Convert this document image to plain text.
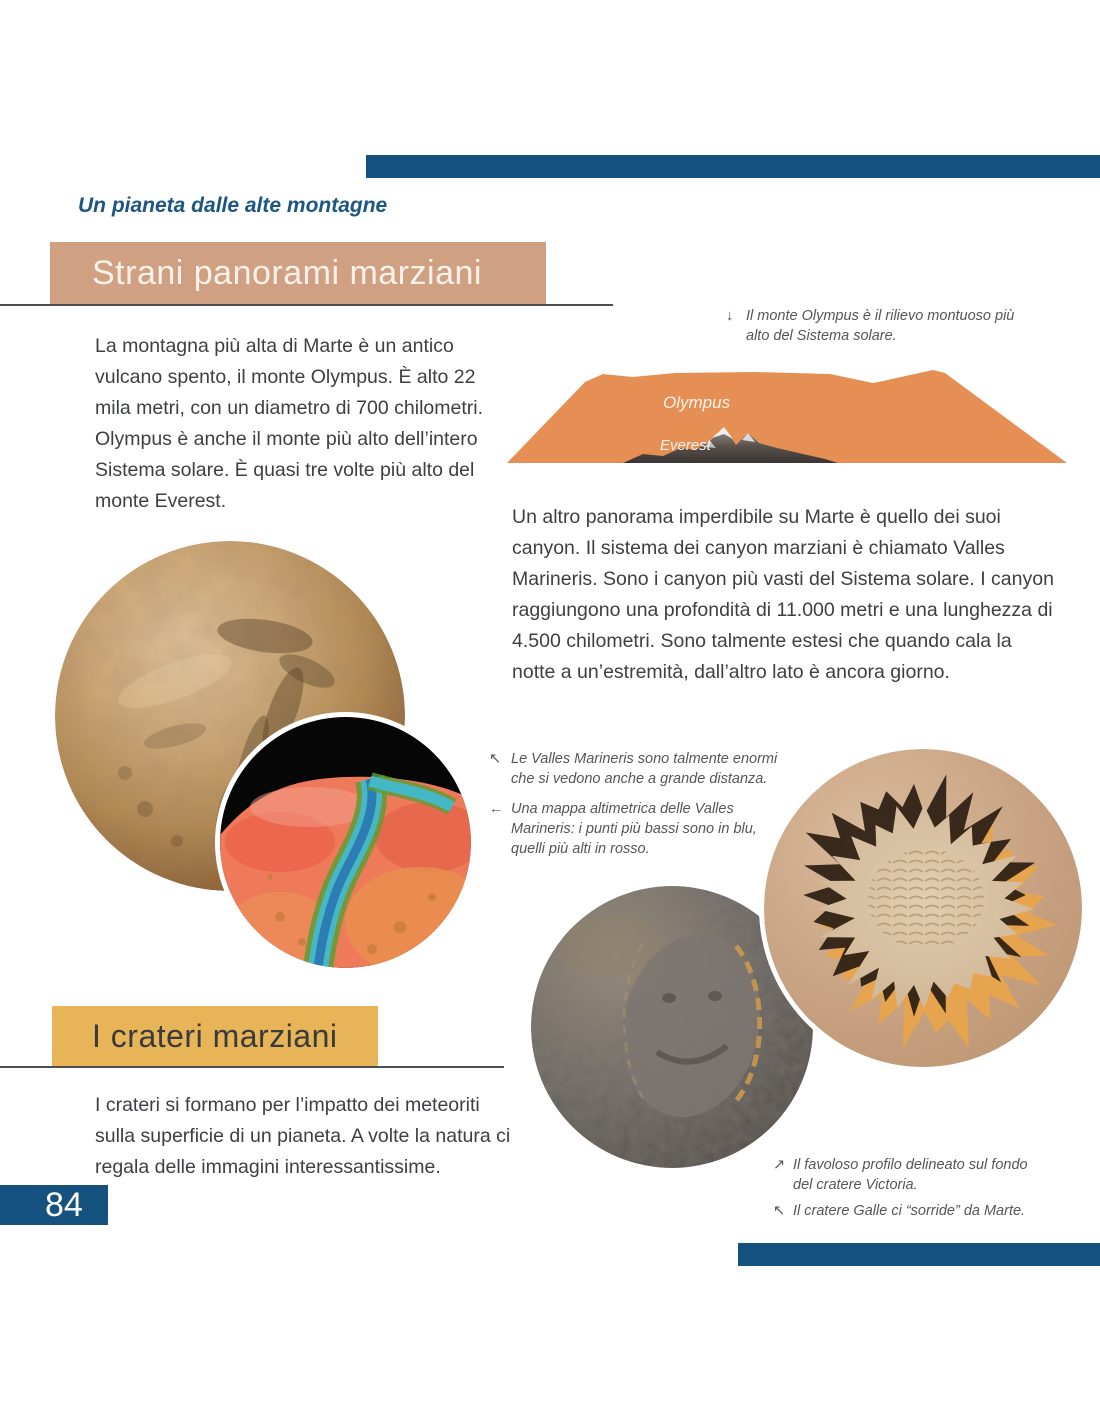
Un pianeta dalle alte montagne
Strani panorami marziani
↓ Il monte Olympus è il rilievo montuoso più alto del Sistema solare.
La montagna più alta di Marte è un antico vulcano spento, il monte Olympus. È alto 22 mila metri, con un diametro di 700 chilometri. Olympus è anche il monte più alto dell’intero Sistema solare. È quasi tre volte più alto del monte Everest.
Olympus
Everest
Un altro panorama imperdibile su Marte è quello dei suoi canyon. Il sistema dei canyon marziani è chiamato Valles Marineris. Sono i canyon più vasti del Sistema solare. I canyon raggiungono una profondità di 11.000 metri e una lunghezza di 4.500 chilometri. Sono talmente estesi che quando cala la notte a un’estremità, dall’altro lato è ancora giorno.
↖ Le Valles Marineris sono talmente enormi che si vedono anche a grande distanza.
← Una mappa altimetrica delle Valles Marineris: i punti più bassi sono in blu, quelli più alti in rosso.
I crateri marziani
I crateri si formano per l’impatto dei meteoriti sulla superficie di un pianeta. A volte la natura ci regala delle immagini interessantissime.	↗ Il favoloso profilo delineato sul fondo del cratere Victoria.
↖ Il cratere Galle ci “sorride” da Marte.
84
